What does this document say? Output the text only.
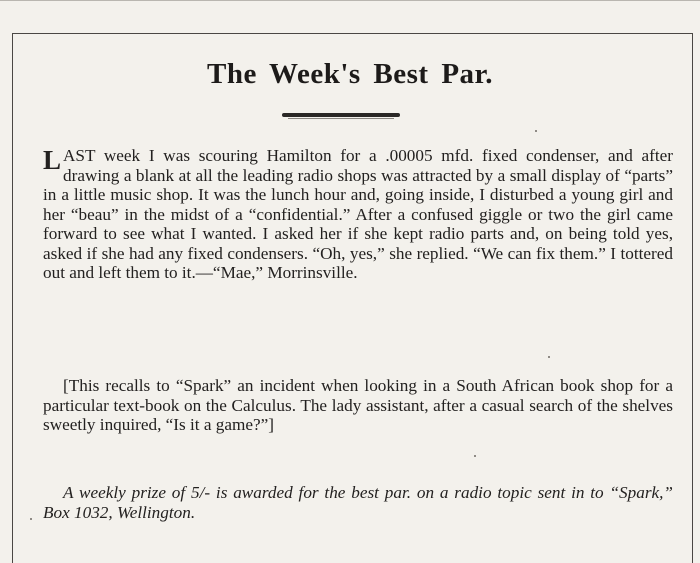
The Week's Best Par.
L AST week I was scouring Hamilton for a .00005 mfd. fixed condenser, and after drawing a blank at all the leading radio shops was attracted by a small display of “parts” in a little music shop. It was the lunch hour and, going inside, I disturbed a young girl and her “beau” in the midst of a “confidential.” After a confused giggle or two the girl came forward to see what I wanted. I asked her if she kept radio parts and, on being told yes, asked if she had any fixed condensers. “Oh, yes,” she replied. “We can fix them.” I tottered out and left them to it.—“Mae,” Morrinsville.
[This recalls to “Spark” an incident when looking in a South African book shop for a particular text-book on the Calculus. The lady assistant, after a casual search of the shelves sweetly inquired, “Is it a game?”]
A weekly prize of 5/- is awarded for the best par. on a radio topic sent in to “Spark,” Box 1032, Wellington.
